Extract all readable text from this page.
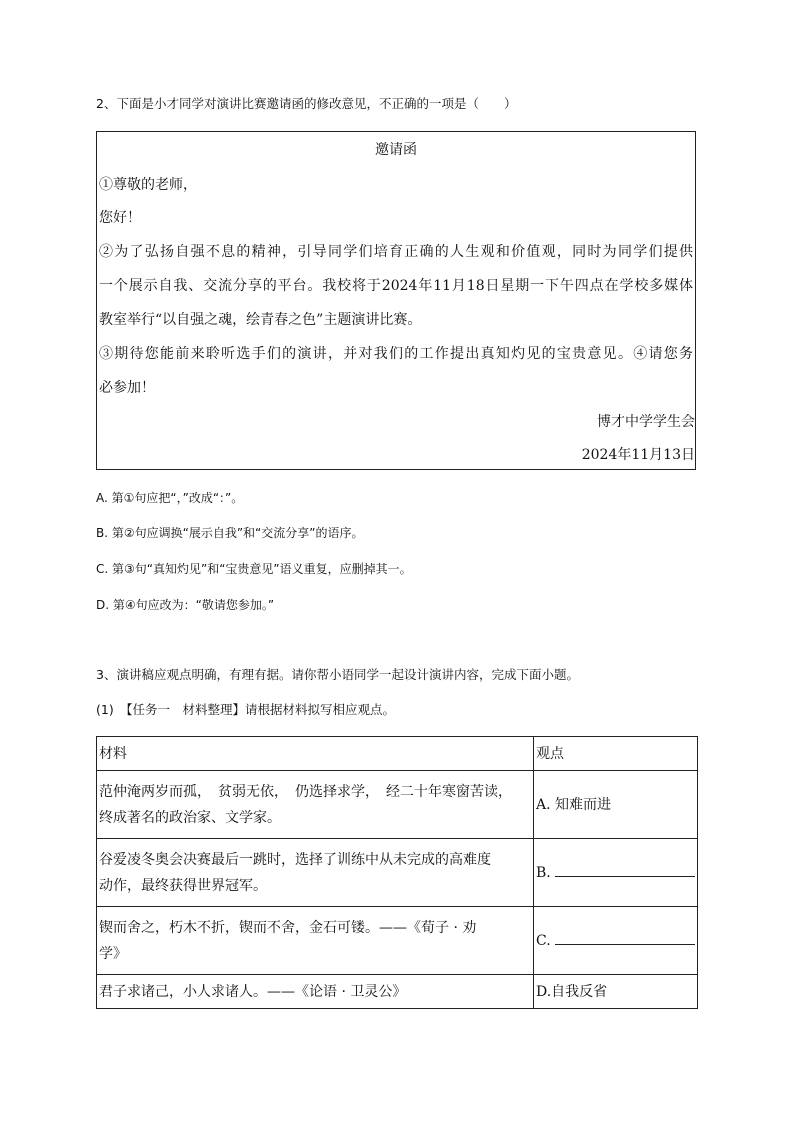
2、下面是小才同学对演讲比赛邀请函的修改意见，不正确的一项是（　　）
邀请函
①尊敬的老师，
您好！
②为了弘扬自强不息的精神，引导同学们培育正确的人生观和价值观，同时为同学们提供
一个展示自我、交流分享的平台。我校将于2024年11月18日星期一下午四点在学校多媒体
教室举行“以自强之魂，绘青春之色”主题演讲比赛。
③期待您能前来聆听选手们的演讲，并对我们的工作提出真知灼见的宝贵意见。④请您务
必参加！
博才中学学生会
2024年11月13日
A. 第①句应把“，”改成“：”。
B. 第②句应调换“展示自我”和“交流分享”的语序。
C. 第③句“真知灼见”和“宝贵意见”语义重复，应删掉其一。
D. 第④句应改为：“敬请您参加。”
3、演讲稿应观点明确，有理有据。请你帮小语同学一起设计演讲内容，完成下面小题。
(1)　【任务一　材料整理】请根据材料拟写相应观点。
材料	观点

范仲淹两岁而孤，　贫弱无依，　仍选择求学，　经二十年寒窗苦读，
终成著名的政治家、文学家。	A. 知难而进

谷爱凌冬奥会决赛最后一跳时，选择了训练中从未完成的高难度
动作，最终获得世界冠军。	B.

锲而舍之，朽木不折，锲而不舍，金石可镂。——《荀子 · 劝
学》	C.

君子求诸己，小人求诸人。——《论语 · 卫灵公》	D.自我反省
